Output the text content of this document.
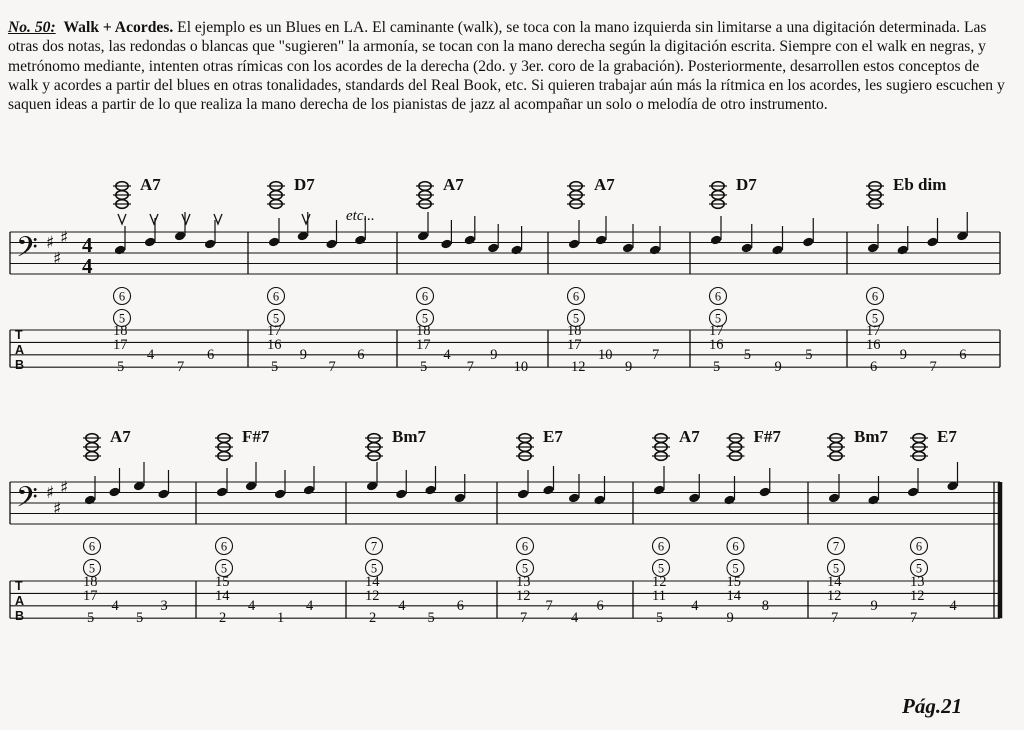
No. 50: Walk + Acordes. El ejemplo es un Blues en LA. El caminante (walk), se toca con la mano izquierda sin limitarse a una digitación determinada. Las otras dos notas, las redondas o blancas que "sugieren" la armonía, se tocan con la mano derecha según la digitación escrita. Siempre con el walk en negras, y metrónomo mediante, intenten otras rímicas con los acordes de la derecha (2do. y 3er. coro de la grabación). Posteriormente, desarrollen estos conceptos de walk y acordes a partir del blues en otras tonalidades, standards del Real Book, etc. Si quieren trabajar aún más la rítmica en los acordes, les sugiero escuchen y saquen ideas a partir de lo que realiza la mano derecha de los pianistas de jazz al acompañar un solo o melodía de otro instrumento.

𝄢 ♯
♯
♯ 4
4
T
A
B
A7
6
5
18
17
5
4
7
6
D7
6
5
17
16
etc...
5
9
7
6
A7
6
5
18
17
5
4
7
9
10
A7
6
5
18
17
12
10
9
7
D7
6
5
17
16
5
5
9
5
Eb dim
6
5
17
16
6
9
7
6
𝄢 ♯
♯
♯
T
A
B
A7
6
5
18
17
5
4
5
3
F#7
6
5
15
14
2
4
1
4
Bm7
7
5
14
12
2
4
5
6
E7
6
5
13
12
7
7
4
6
A7
6
5
12
11
F#7
6
5
15
14
5
4
9
8
Bm7
7
5
14
12
E7
6
5
13
12
7
9
7
4
Pág.21
